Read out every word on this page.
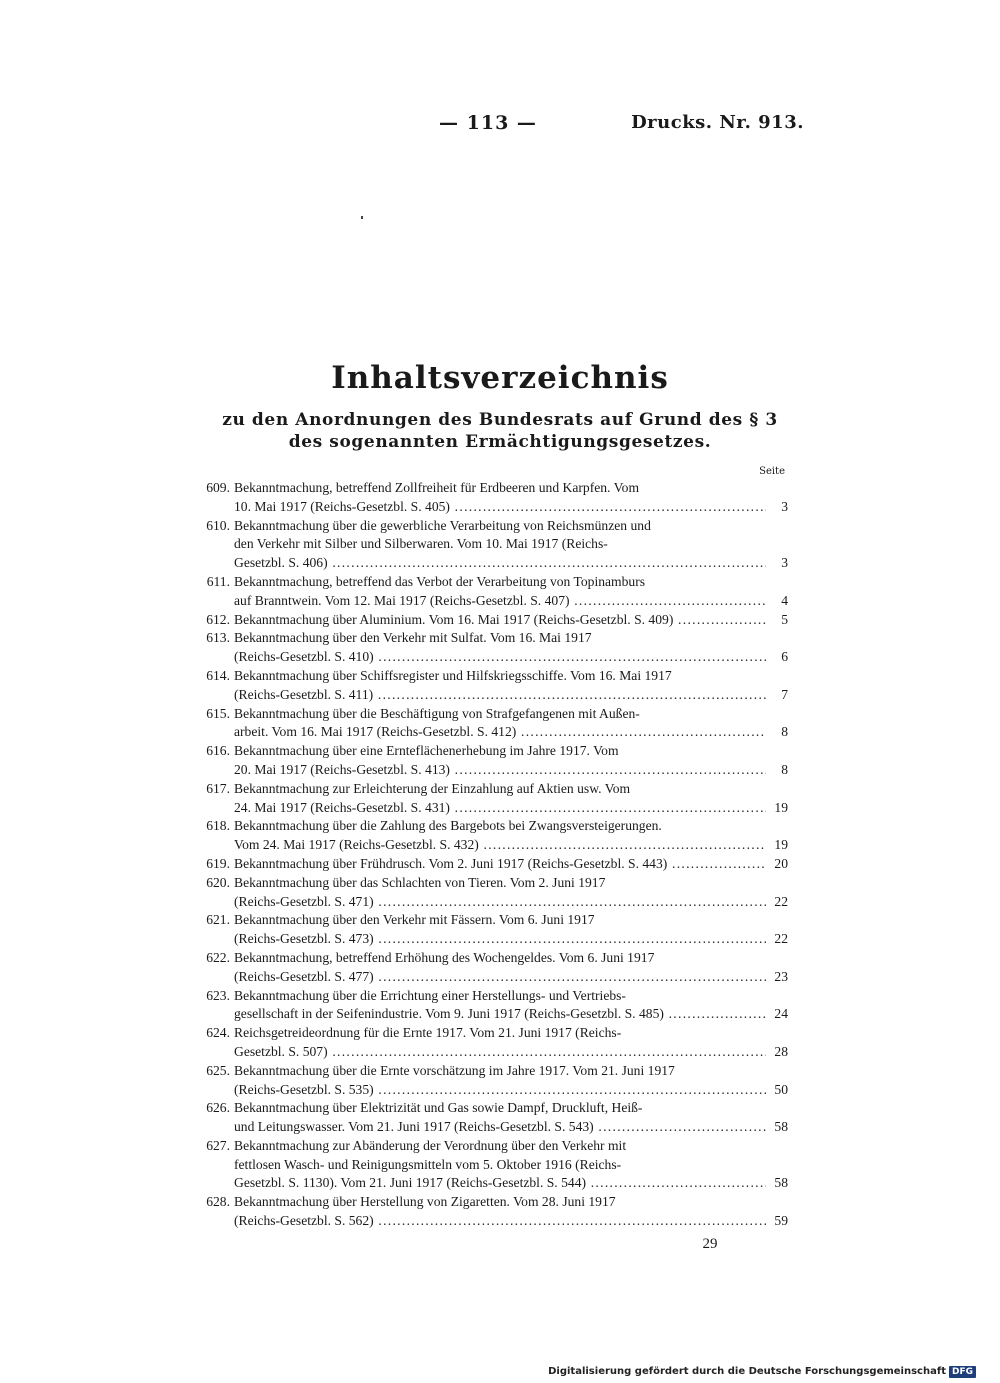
— 113 —	Drucks. Nr. 913.
Inhaltsverzeichnis
zu den Anordnungen des Bundesrats auf Grund des § 3
des sogenannten Ermächtigungsgesetzes.
Seite
609. Bekanntmachung, betreffend Zollfreiheit für Erdbeeren und Karpfen. Vom
10. Mai 1917 (Reichs-Gesetzbl. S. 405) .....	3
610. Bekanntmachung über die gewerbliche Verarbeitung von Reichsmünzen und
den Verkehr mit Silber und Silberwaren. Vom 10. Mai 1917 (Reichs-
Gesetzbl. S. 406) .....	3
611. Bekanntmachung, betreffend das Verbot der Verarbeitung von Topinamburs
auf Branntwein. Vom 12. Mai 1917 (Reichs-Gesetzbl. S. 407) .....	4
612. Bekanntmachung über Aluminium. Vom 16. Mai 1917 (Reichs-Gesetzbl. S. 409) .....	5
613. Bekanntmachung über den Verkehr mit Sulfat. Vom 16. Mai 1917
(Reichs-Gesetzbl. S. 410) .....	6
614. Bekanntmachung über Schiffsregister und Hilfskriegsschiffe. Vom 16. Mai 1917
(Reichs-Gesetzbl. S. 411) .....	7
615. Bekanntmachung über die Beschäftigung von Strafgefangenen mit Außen-
arbeit. Vom 16. Mai 1917 (Reichs-Gesetzbl. S. 412) .....	8
616. Bekanntmachung über eine Ernteflächenerhebung im Jahre 1917. Vom
20. Mai 1917 (Reichs-Gesetzbl. S. 413) .....	8
617. Bekanntmachung zur Erleichterung der Einzahlung auf Aktien usw. Vom
24. Mai 1917 (Reichs-Gesetzbl. S. 431) .....	19
618. Bekanntmachung über die Zahlung des Bargebots bei Zwangsversteigerungen.
Vom 24. Mai 1917 (Reichs-Gesetzbl. S. 432) .....	19
619. Bekanntmachung über Frühdrusch. Vom 2. Juni 1917 (Reichs-Gesetzbl. S. 443) .....	20
620. Bekanntmachung über das Schlachten von Tieren. Vom 2. Juni 1917
(Reichs-Gesetzbl. S. 471) .....	22
621. Bekanntmachung über den Verkehr mit Fässern. Vom 6. Juni 1917
(Reichs-Gesetzbl. S. 473) .....	22
622. Bekanntmachung, betreffend Erhöhung des Wochengeldes. Vom 6. Juni 1917
(Reichs-Gesetzbl. S. 477) .....	23
623. Bekanntmachung über die Errichtung einer Herstellungs- und Vertriebs-
gesellschaft in der Seifenindustrie. Vom 9. Juni 1917 (Reichs-Gesetzbl. S. 485) .....	24
624. Reichsgetreideordnung für die Ernte 1917. Vom 21. Juni 1917 (Reichs-
Gesetzbl. S. 507) .....	28
625. Bekanntmachung über die Ernte vorschätzung im Jahre 1917. Vom 21. Juni 1917
(Reichs-Gesetzbl. S. 535) .....	50
626. Bekanntmachung über Elektrizität und Gas sowie Dampf, Druckluft, Heiß-
und Leitungswasser. Vom 21. Juni 1917 (Reichs-Gesetzbl. S. 543) .....	58
627. Bekanntmachung zur Abänderung der Verordnung über den Verkehr mit
fettlosen Wasch- und Reinigungsmitteln vom 5. Oktober 1916 (Reichs-
Gesetzbl. S. 1130). Vom 21. Juni 1917 (Reichs-Gesetzbl. S. 544) .....	58
628. Bekanntmachung über Herstellung von Zigaretten. Vom 28. Juni 1917
(Reichs-Gesetzbl. S. 562) .....	59
29
Digitalisierung gefördert durch die Deutsche Forschungsgemeinschaft DFG
